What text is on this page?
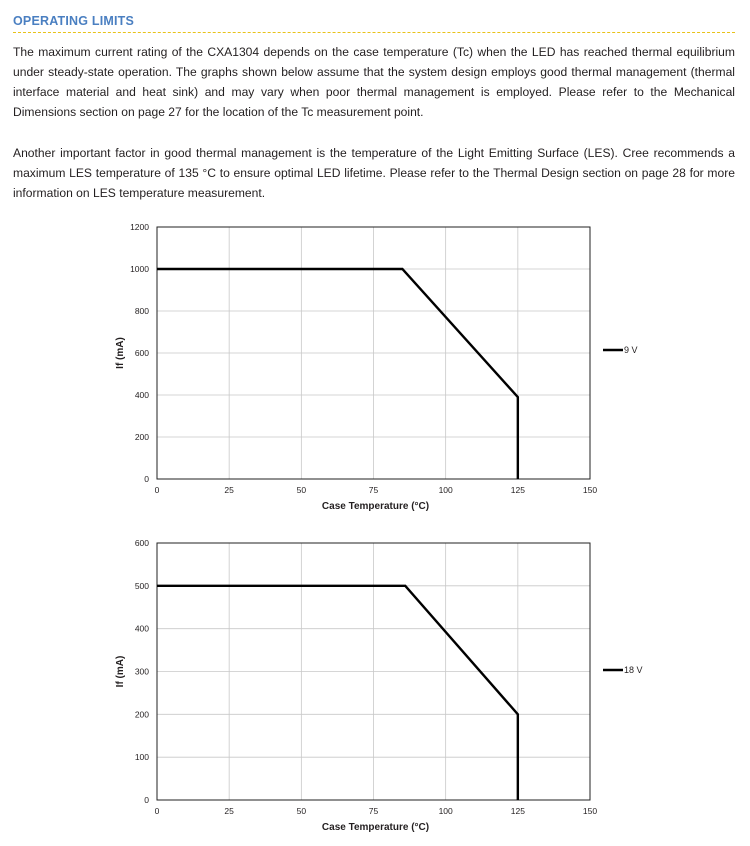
OPERATING LIMITS

The maximum current rating of the CXA1304 depends on the case temperature (Tc) when the LED has reached thermal equilibrium under steady-state operation. The graphs shown below assume that the system design employs good thermal management (thermal interface material and heat sink) and may vary when poor thermal management is employed. Please refer to the Mechanical Dimensions section on page 27 for the location of the Tc measurement point.

Another important factor in good thermal management is the temperature of the Light Emitting Surface (LES). Cree recommends a maximum LES temperature of 135 °C to ensure optimal LED lifetime. Please refer to the Thermal Design section on page 28 for more information on LES temperature measurement.

0	25	50	75	100	125	150
0
200
400
600
800
1000
1200
Case Temperature (°C)
If (mA)	9 V
0	25	50	75	100	125	150
0
100
200
300
400
500
600
Case Temperature (°C)
If (mA)	18 V
